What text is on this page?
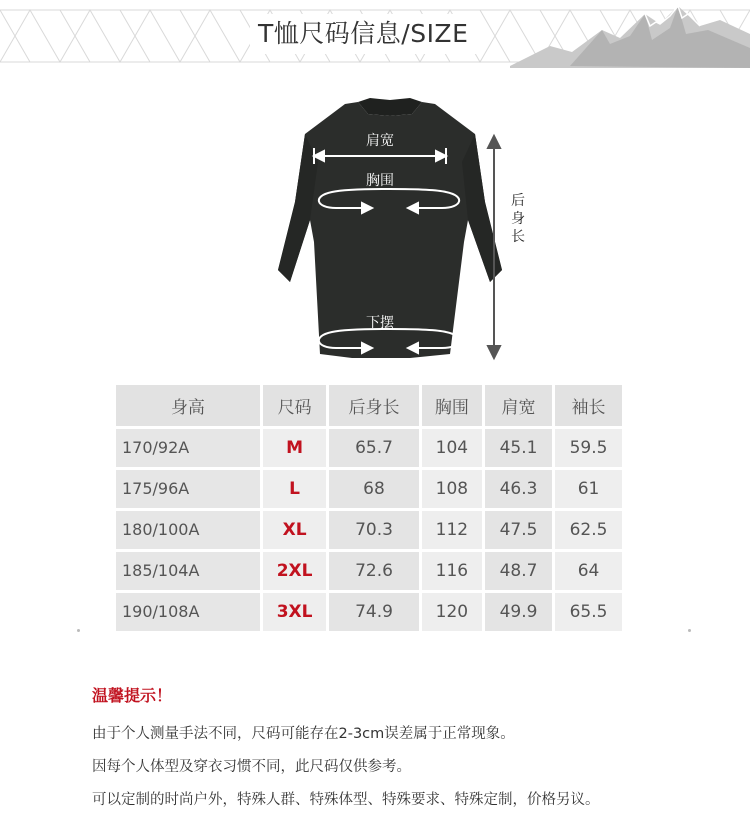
T恤尺码信息/SIZE
肩宽
胸围
下摆
后
身
长
身高	尺码	后身长	胸围	肩宽	袖长
170/92A	M	65.7	104	45.1	59.5
175/96A	L	68	108	46.3	61
180/100A	XL	70.3	112	47.5	62.5
185/104A	2XL	72.6	116	48.7	64
190/108A	3XL	74.9	120	49.9	65.5
温馨提示！
由于个人测量手法不同，尺码可能存在2-3cm误差属于正常现象。
因每个人体型及穿衣习惯不同，此尺码仅供参考。
可以定制的时尚户外，特殊人群、特殊体型、特殊要求、特殊定制，价格另议。
